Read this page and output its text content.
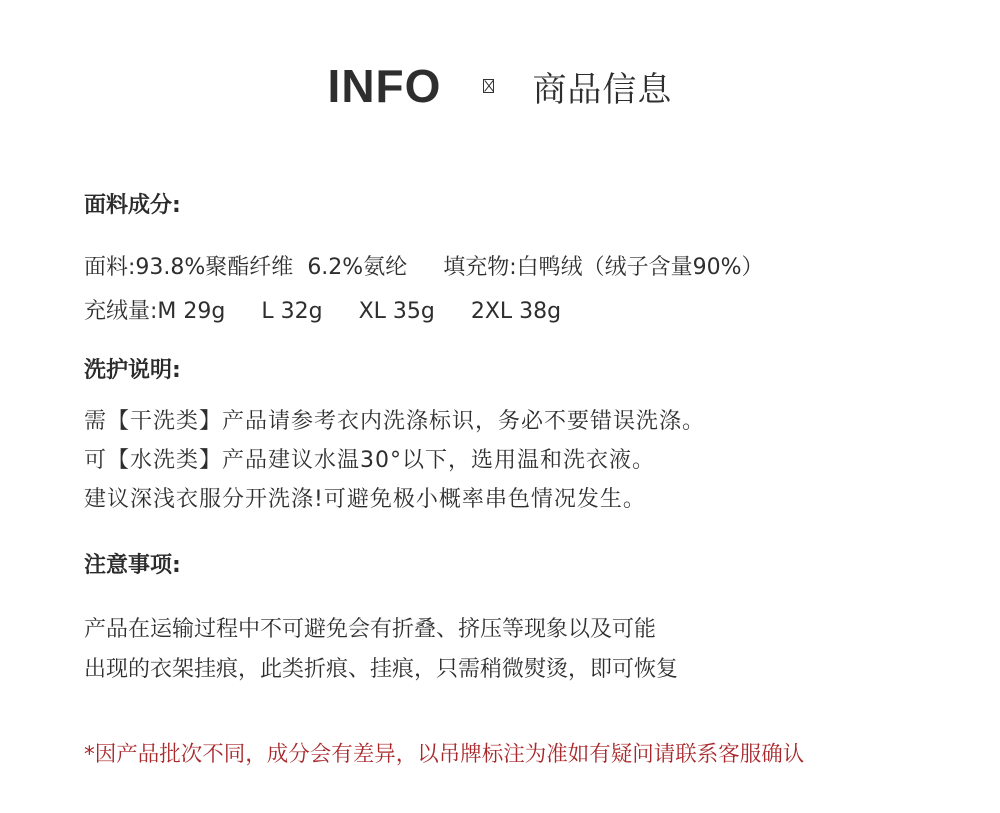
INFO	商品信息
面料成分:
面料:93.8%聚酯纤维 6.2%氨纶 填充物:白鸭绒（绒子含量90%）
充绒量:M 29g L 32g XL 35g 2XL 38g
洗护说明:
需【干洗类】产品请参考衣内洗涤标识，务必不要错误洗涤。
可【水洗类】产品建议水温30°以下，选用温和洗衣液。
建议深浅衣服分开洗涤!可避免极小概率串色情况发生。
注意事项:
产品在运输过程中不可避免会有折叠、挤压等现象以及可能
出现的衣架挂痕，此类折痕、挂痕，只需稍微熨烫，即可恢复
*因产品批次不同，成分会有差异，以吊牌标注为准如有疑问请联系客服确认
